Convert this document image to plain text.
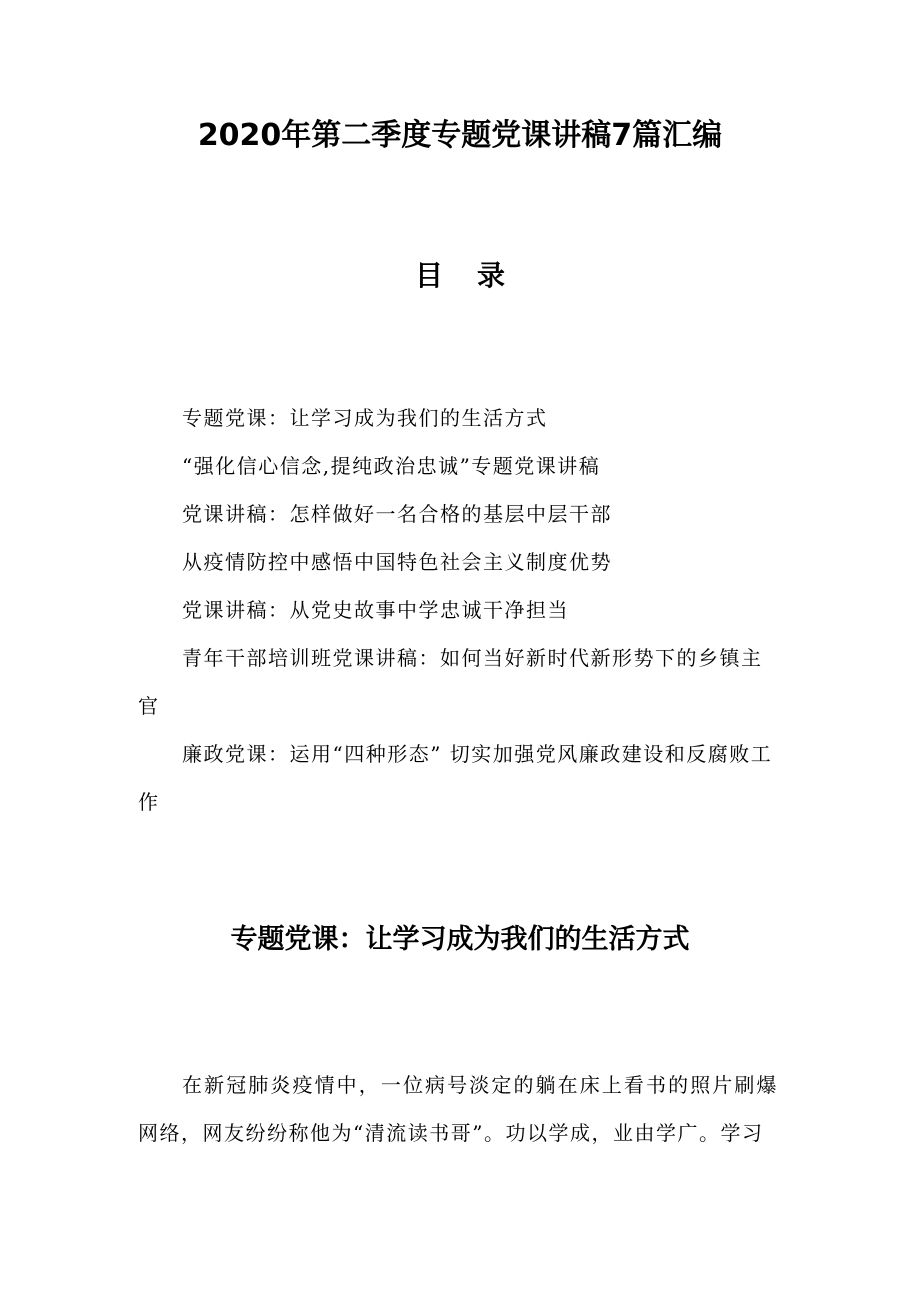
2020年第二季度专题党课讲稿7篇汇编
目录
专题党课：让学习成为我们的生活方式
“强化信心信念,提纯政治忠诚”专题党课讲稿
党课讲稿：怎样做好一名合格的基层中层干部
从疫情防控中感悟中国特色社会主义制度优势
党课讲稿：从党史故事中学忠诚干净担当
青年干部培训班党课讲稿：如何当好新时代新形势下的乡镇主官
廉政党课：运用“四种形态” 切实加强党风廉政建设和反腐败工作
专题党课：让学习成为我们的生活方式

在新冠肺炎疫情中，一位病号淡定的躺在床上看书的照片刷爆网络，网友纷纷称他为“清流读书哥”。功以学成，业由学广。学习
